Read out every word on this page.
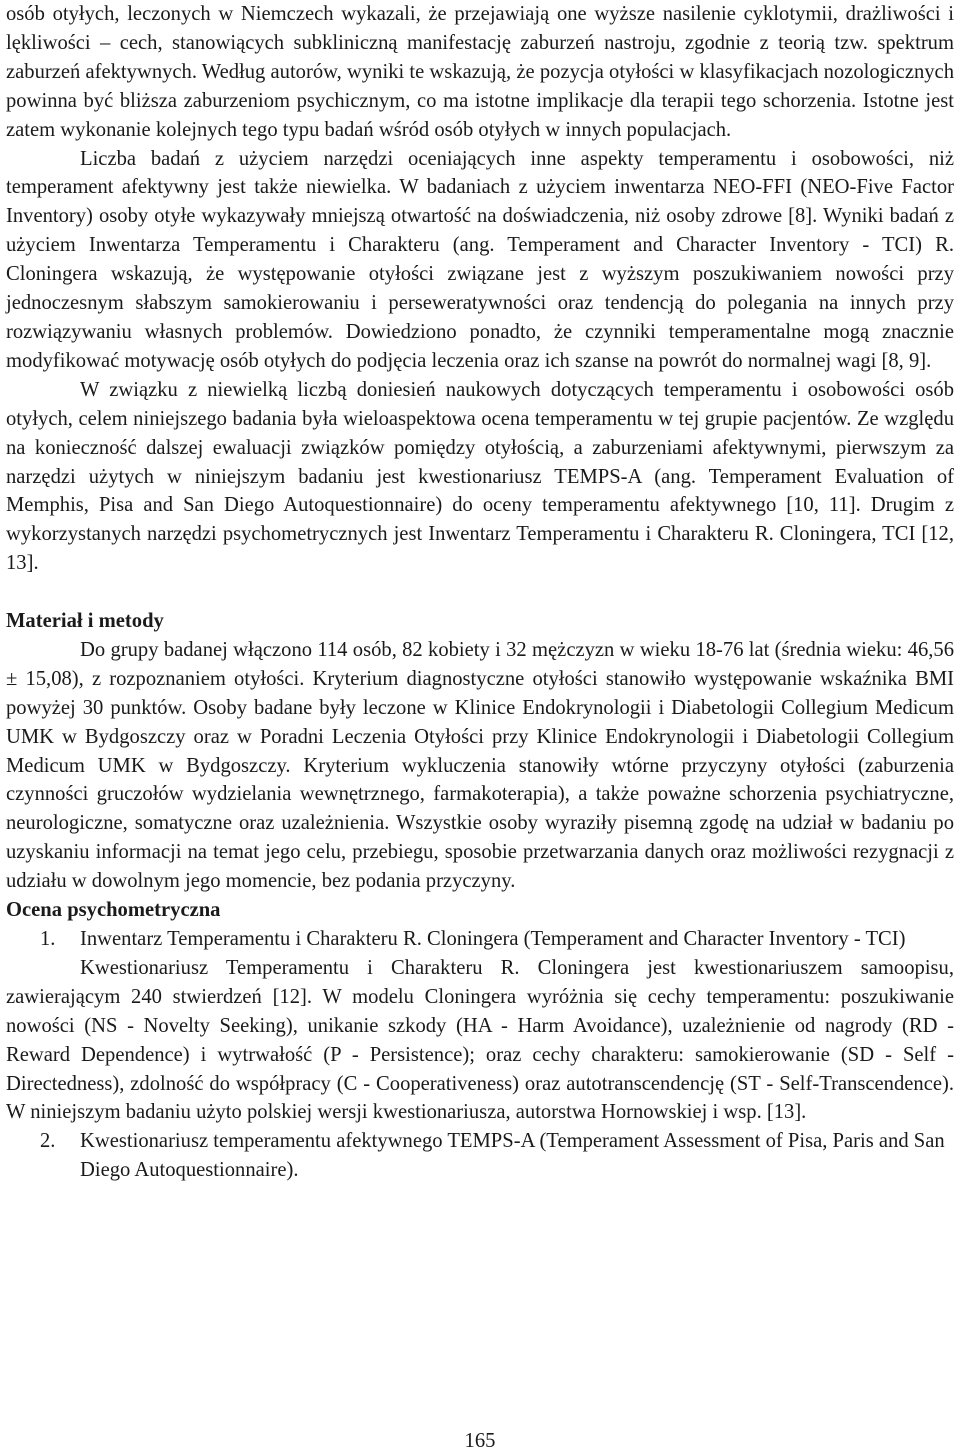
osób otyłych, leczonych w Niemczech wykazali, że przejawiają one wyższe nasilenie cyklotymii, drażliwości i lękliwości – cech, stanowiących subkliniczną manifestację zaburzeń nastroju, zgodnie z teorią tzw. spektrum zaburzeń afektywnych. Według autorów, wyniki te wskazują, że pozycja otyłości w klasyfikacjach nozologicznych powinna być bliższa zaburzeniom psychicznym, co ma istotne implikacje dla terapii tego schorzenia. Istotne jest zatem wykonanie kolejnych tego typu badań wśród osób otyłych w innych populacjach.

Liczba badań z użyciem narzędzi oceniających inne aspekty temperamentu i osobowości, niż temperament afektywny jest także niewielka. W badaniach z użyciem inwentarza NEO-FFI (NEO-Five Factor Inventory) osoby otyłe wykazywały mniejszą otwartość na doświadczenia, niż osoby zdrowe [8]. Wyniki badań z użyciem Inwentarza Temperamentu i Charakteru (ang. Temperament and Character Inventory - TCI) R. Cloningera wskazują, że występowanie otyłości związane jest z wyższym poszukiwaniem nowości przy jednoczesnym słabszym samokierowaniu i perseweratywności oraz tendencją do polegania na innych przy rozwiązywaniu własnych problemów. Dowiedziono ponadto, że czynniki temperamentalne mogą znacznie modyfikować motywację osób otyłych do podjęcia leczenia oraz ich szanse na powrót do normalnej wagi [8, 9].

W związku z niewielką liczbą doniesień naukowych dotyczących temperamentu i osobowości osób otyłych, celem niniejszego badania była wieloaspektowa ocena temperamentu w tej grupie pacjentów. Ze względu na konieczność dalszej ewaluacji związków pomiędzy otyłością, a zaburzeniami afektywnymi, pierwszym za narzędzi użytych w niniejszym badaniu jest kwestionariusz TEMPS-A (ang. Temperament Evaluation of Memphis, Pisa and San Diego Autoquestionnaire) do oceny temperamentu afektywnego [10, 11]. Drugim z wykorzystanych narzędzi psychometrycznych jest Inwentarz Temperamentu i Charakteru R. Cloningera, TCI [12, 13].

Materiał i metody

Do grupy badanej włączono 114 osób, 82 kobiety i 32 mężczyzn w wieku 18-76 lat (średnia wieku: 46,56 ± 15,08), z rozpoznaniem otyłości. Kryterium diagnostyczne otyłości stanowiło występowanie wskaźnika BMI powyżej 30 punktów. Osoby badane były leczone w Klinice Endokrynologii i Diabetologii Collegium Medicum UMK w Bydgoszczy oraz w Poradni Leczenia Otyłości przy Klinice Endokrynologii i Diabetologii Collegium Medicum UMK w Bydgoszczy. Kryterium wykluczenia stanowiły wtórne przyczyny otyłości (zaburzenia czynności gruczołów wydzielania wewnętrznego, farmakoterapia), a także poważne schorzenia psychiatryczne, neurologiczne, somatyczne oraz uzależnienia. Wszystkie osoby wyraziły pisemną zgodę na udział w badaniu po uzyskaniu informacji na temat jego celu, przebiegu, sposobie przetwarzania danych oraz możliwości rezygnacji z udziału w dowolnym jego momencie, bez podania przyczyny.

Ocena psychometryczna
1.	Inwentarz Temperamentu i Charakteru R. Cloningera (Temperament and Character Inventory - TCI)

Kwestionariusz Temperamentu i Charakteru R. Cloningera jest kwestionariuszem samoopisu, zawierającym 240 stwierdzeń [12]. W modelu Cloningera wyróżnia się cechy temperamentu: poszukiwanie nowości (NS - Novelty Seeking), unikanie szkody (HA - Harm Avoidance), uzależnienie od nagrody (RD - Reward Dependence) i wytrwałość (P - Persistence); oraz cechy charakteru: samokierowanie (SD - Self -Directedness), zdolność do współpracy (C - Cooperativeness) oraz autotranscendencję (ST - Self-Transcendence). W niniejszym badaniu użyto polskiej wersji kwestionariusza, autorstwa Hornowskiej i wsp. [13].

2.	Kwestionariusz temperamentu afektywnego TEMPS-A (Temperament Assessment of Pisa, Paris and San Diego Autoquestionnaire).
165
